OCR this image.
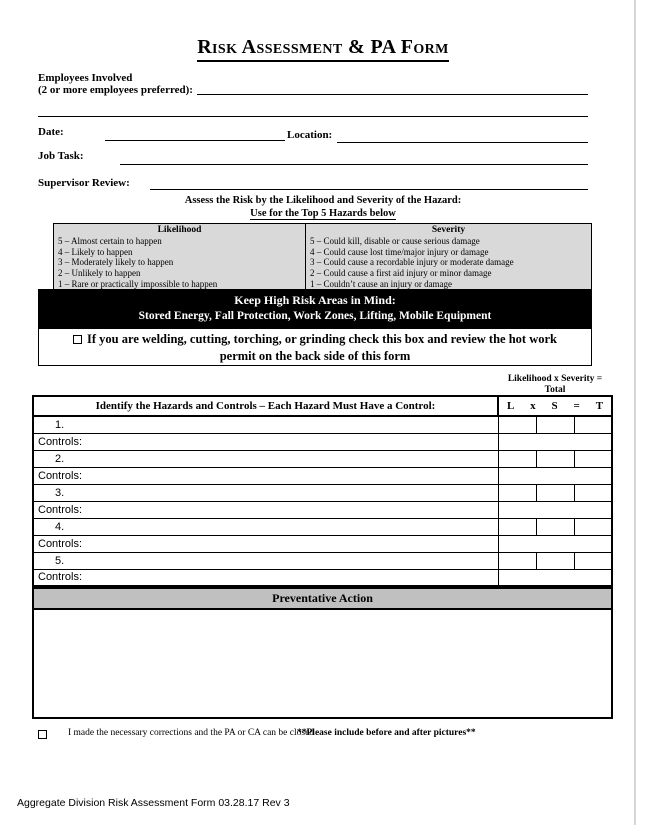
Risk Assessment & PA Form
Employees Involved
(2 or more employees preferred):
Date:	Location:
Job Task:
Supervisor Review:
Assess the Risk by the Likelihood and Severity of the Hazard:
Use for the Top 5 Hazards below
Likelihood
5 – Almost certain to happen
4 – Likely to happen
3 – Moderately likely to happen
2 – Unlikely to happen
1 – Rare or practically impossible to happen
Severity
5 – Could kill, disable or cause serious damage
4 – Could cause lost time/major injury or damage
3 – Could cause a recordable injury or moderate damage
2 – Could cause a first aid injury or minor damage
1 – Couldn’t cause an injury or damage
Keep High Risk Areas in Mind:
Stored Energy, Fall Protection, Work Zones, Lifting, Mobile Equipment
If you are welding, cutting, torching, or grinding check this box and review the hot work
permit on the back side of this form
Likelihood x Severity =
Total
Identify the Hazards and Controls – Each Hazard Must Have a Control:	L x S = T		

1.			
Controls:			
2.			
Controls:			
3.			
Controls:			
4.			
Controls:			
5.			
Controls:			
Preventative Action
I made the necessary corrections and the PA or CA can be closed
**Please include before and after pictures**
Aggregate Division Risk Assessment Form 03.28.17 Rev 3
